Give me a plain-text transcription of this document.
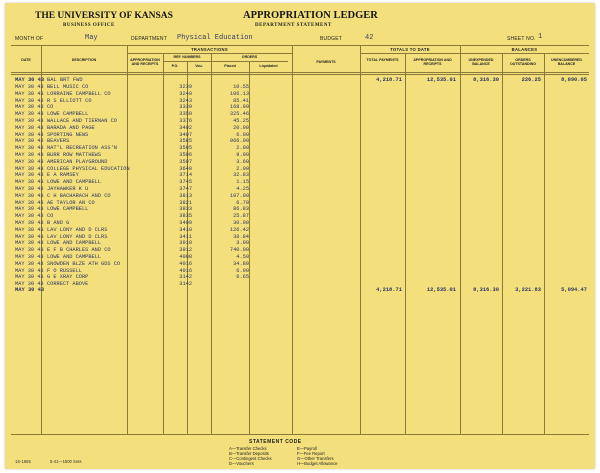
THE UNIVERSITY OF KANSAS
BUSINESS OFFICE
APPROPRIATION LEDGER
DEPARTMENT STATEMENT
MONTH OF	May	DEPARTMENT Physical Education	BUDGET	42	SHEET NO. 1
TRANSACTIONS	TOTALS TO DATE	BALANCES
DATE	DESCRIPTION	APPROPRIATION AND RECEIPTS
REF. NUMBERS
P.O.	Vou.
ORDERS
Placed	Liquidated
PAYMENTS	TOTAL PAYMENTS	APPROPRIATION AND RECEIPTS
UNEXPENDED BALANCE
ORDERS OUTSTANDING
UNENCUMBERED BALANCE
MAY 30 43 BAL BRT FWD	4,218.71	12,535.01	8,316.30	226.25	8,090.05
MAY 30 43 BELL MUSIC CO	3239	10.55
MAY 30 43 LORRAINE CAMPBELL CO	3240	106.13
MAY 30 43 R S ELLIOTT CO	3243	85.41
MAY 30 43 CO	3339	168.99
MAY 30 43 LOWE CAMPBELL	3350	325.46
MAY 30 43 WALLACE AND TIERNAN CO	3376	45.25
MAY 30 43 BARADA AND PAGE	3492	20.00
MAY 30 43 SPORTING NEWS	3497	6.00
MAY 30 43 BEAVERS	3585	966.00
MAY 30 43 NAT'L RECREATION ASS'N	3595	2.00
MAY 30 43 BURR ROW MATTHEWS	3596	9.00
MAY 30 43 AMERICAN PLAYGROUND	3597	3.60
MAY 30 43 COLLEGE PHYSICAL EDUCATION	3640	2.00
MAY 30 43 E A RAMSEY	3714	32.83
MAY 30 43 LOWE AND CAMPBELL	3745	1.15
MAY 30 43 JAYHAWKER K U	3747	4.25
MAY 30 43 C H BACHARACH AND CO	3813	107.00
MAY 30 43 AE TAYLOR AN CO	3821	6.70
MAY 30 43 LOWE CAMPBELL	3833	86.83
MAY 30 43 CO	3835	25.87
MAY 30 43 B AND G	3409	30.00
MAY 30 43 LAV LONY AND D CLRS	3410	126.42
MAY 30 43 LAV LONY AND D CLRS	3411	38.84
MAY 30 43 LOWE AND CAMPBELL	3910	3.00
MAY 30 43 E F B CHARLES AND CO	3912	740.00
MAY 30 43 LOWE AND CAMPBELL	4008	4.50
MAY 30 43 SNOWDEN BLZE ATH GDS CO	4016	34.80
MAY 30 43 F O RUSSELL	4016	6.00
MAY 30 43 G E XRAY CORP	3142	6.65
MAY 30 43 CORRECT ABOVE	3142
MAY 30 43	4,218.71	12,535.01	8,316.30	3,221.83	5,094.47
STATEMENT CODE
A—Transfer Checks
B—Transfer Deposits
C—Contingent Checks
D—Vouchers
E—Payroll
F—Fee Report
G—Other Transfers
H—Budget Allowance
1S-1655	5-41—1500 Sets
